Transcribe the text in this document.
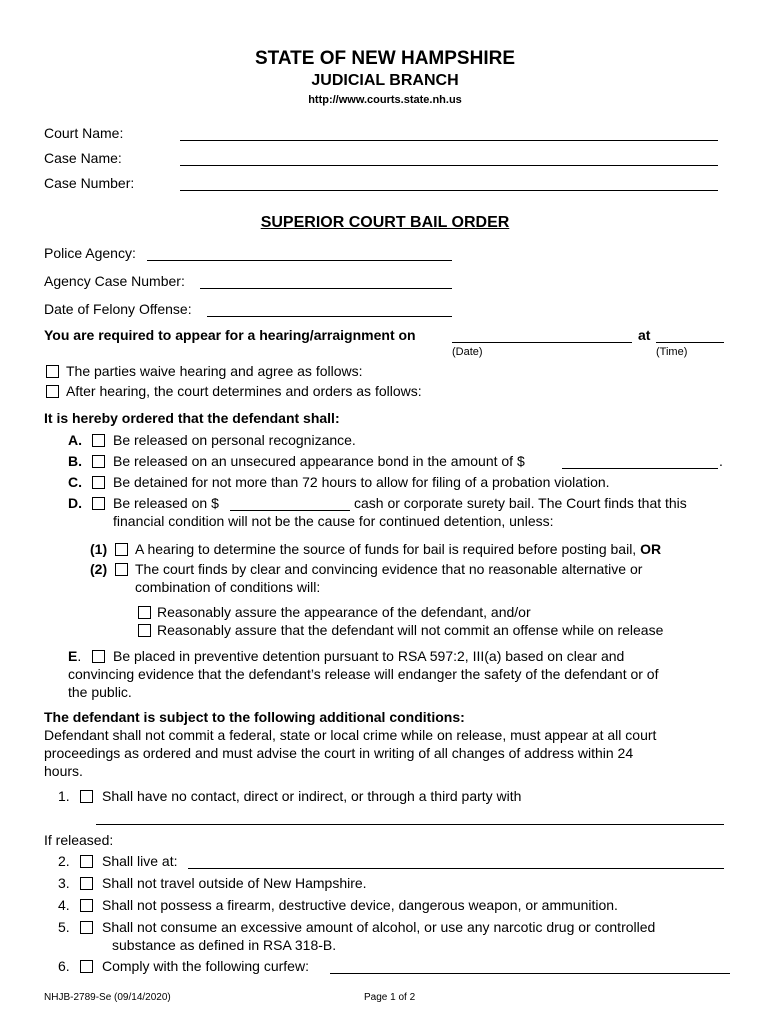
STATE OF NEW HAMPSHIRE
JUDICIAL BRANCH
http://www.courts.state.nh.us
Court Name:
Case Name:
Case Number:
SUPERIOR COURT BAIL ORDER
Police Agency:
Agency Case Number:
Date of Felony Offense:
You are required to appear for a hearing/arraignment on	at
(Date)	(Time)
The parties waive hearing and agree as follows:
After hearing, the court determines and orders as follows:
It is hereby ordered that the defendant shall:
A. Be released on personal recognizance.
B. Be released on an unsecured appearance bond in the amount of $	.
C. Be detained for not more than 72 hours to allow for filing of a probation violation.
D. Be released on $	cash or corporate surety bail. The Court finds that this
financial condition will not be the cause for continued detention, unless:
(1) A hearing to determine the source of funds for bail is required before posting bail, OR
(2) The court finds by clear and convincing evidence that no reasonable alternative or
combination of conditions will:
Reasonably assure the appearance of the defendant, and/or
Reasonably assure that the defendant will not commit an offense while on release
E. Be placed in preventive detention pursuant to RSA 597:2, III(a) based on clear and
convincing evidence that the defendant’s release will endanger the safety of the defendant or of
the public.
The defendant is subject to the following additional conditions:
Defendant shall not commit a federal, state or local crime while on release, must appear at all court
proceedings as ordered and must advise the court in writing of all changes of address within 24
hours.
1. Shall have no contact, direct or indirect, or through a third party with
If released:
2. Shall live at:
3. Shall not travel outside of New Hampshire.
4. Shall not possess a firearm, destructive device, dangerous weapon, or ammunition.
5. Shall not consume an excessive amount of alcohol, or use any narcotic drug or controlled
substance as defined in RSA 318-B.
6. Comply with the following curfew:
NHJB-2789-Se (09/14/2020)	Page 1 of 2
